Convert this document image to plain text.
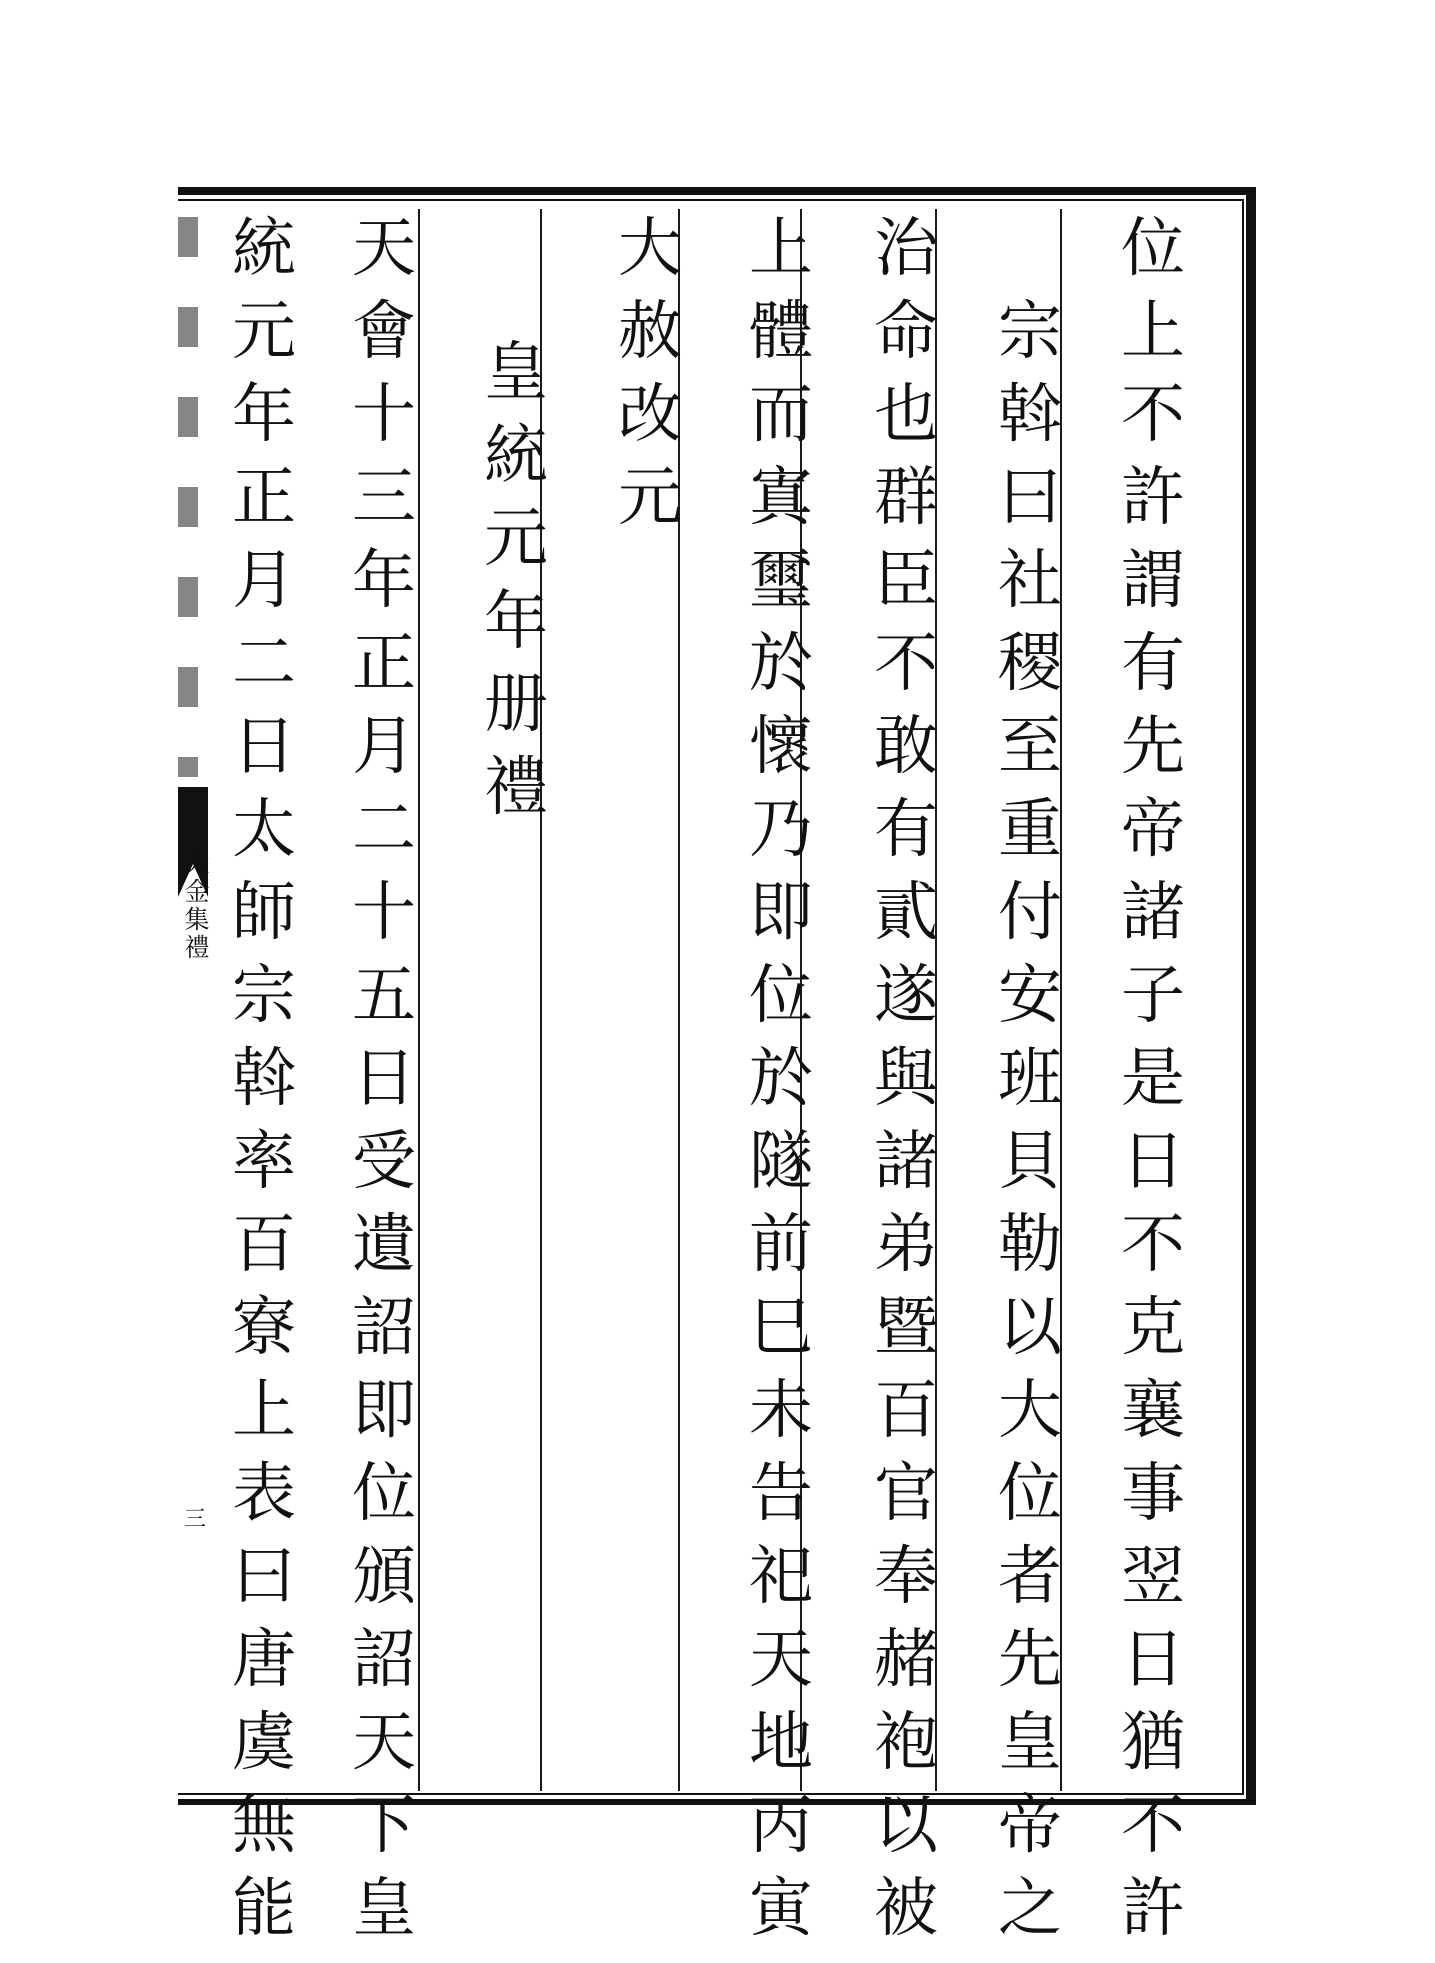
大
金
集
禮
三
位
上
不
許
謂
有
先
帝
諸
子
是
日
不
克
襄
事
翌
日
猶
不
許
宗
斡
曰
社
稷
至
重
付
安
班
貝
勒
以
大
位
者
先
皇
帝
之
治
命
也
群
臣
不
敢
有
貳
遂
與
諸
弟
暨
百
官
奉
赭
袍
以
被
上
體
而
寘
璽
於
懷
乃
即
位
於
隧
前
巳
未
告
祀
天
地
丙
寅
大
赦
改
元
皇
統
元
年
册
禮
天
會
十
三
年
正
月
二
十
五
日
受
遺
詔
即
位
頒
詔
天
下
皇
統
元
年
正
月
二
日
太
師
宗
斡
率
百
寮
上
表
曰
唐
虞
無
能
